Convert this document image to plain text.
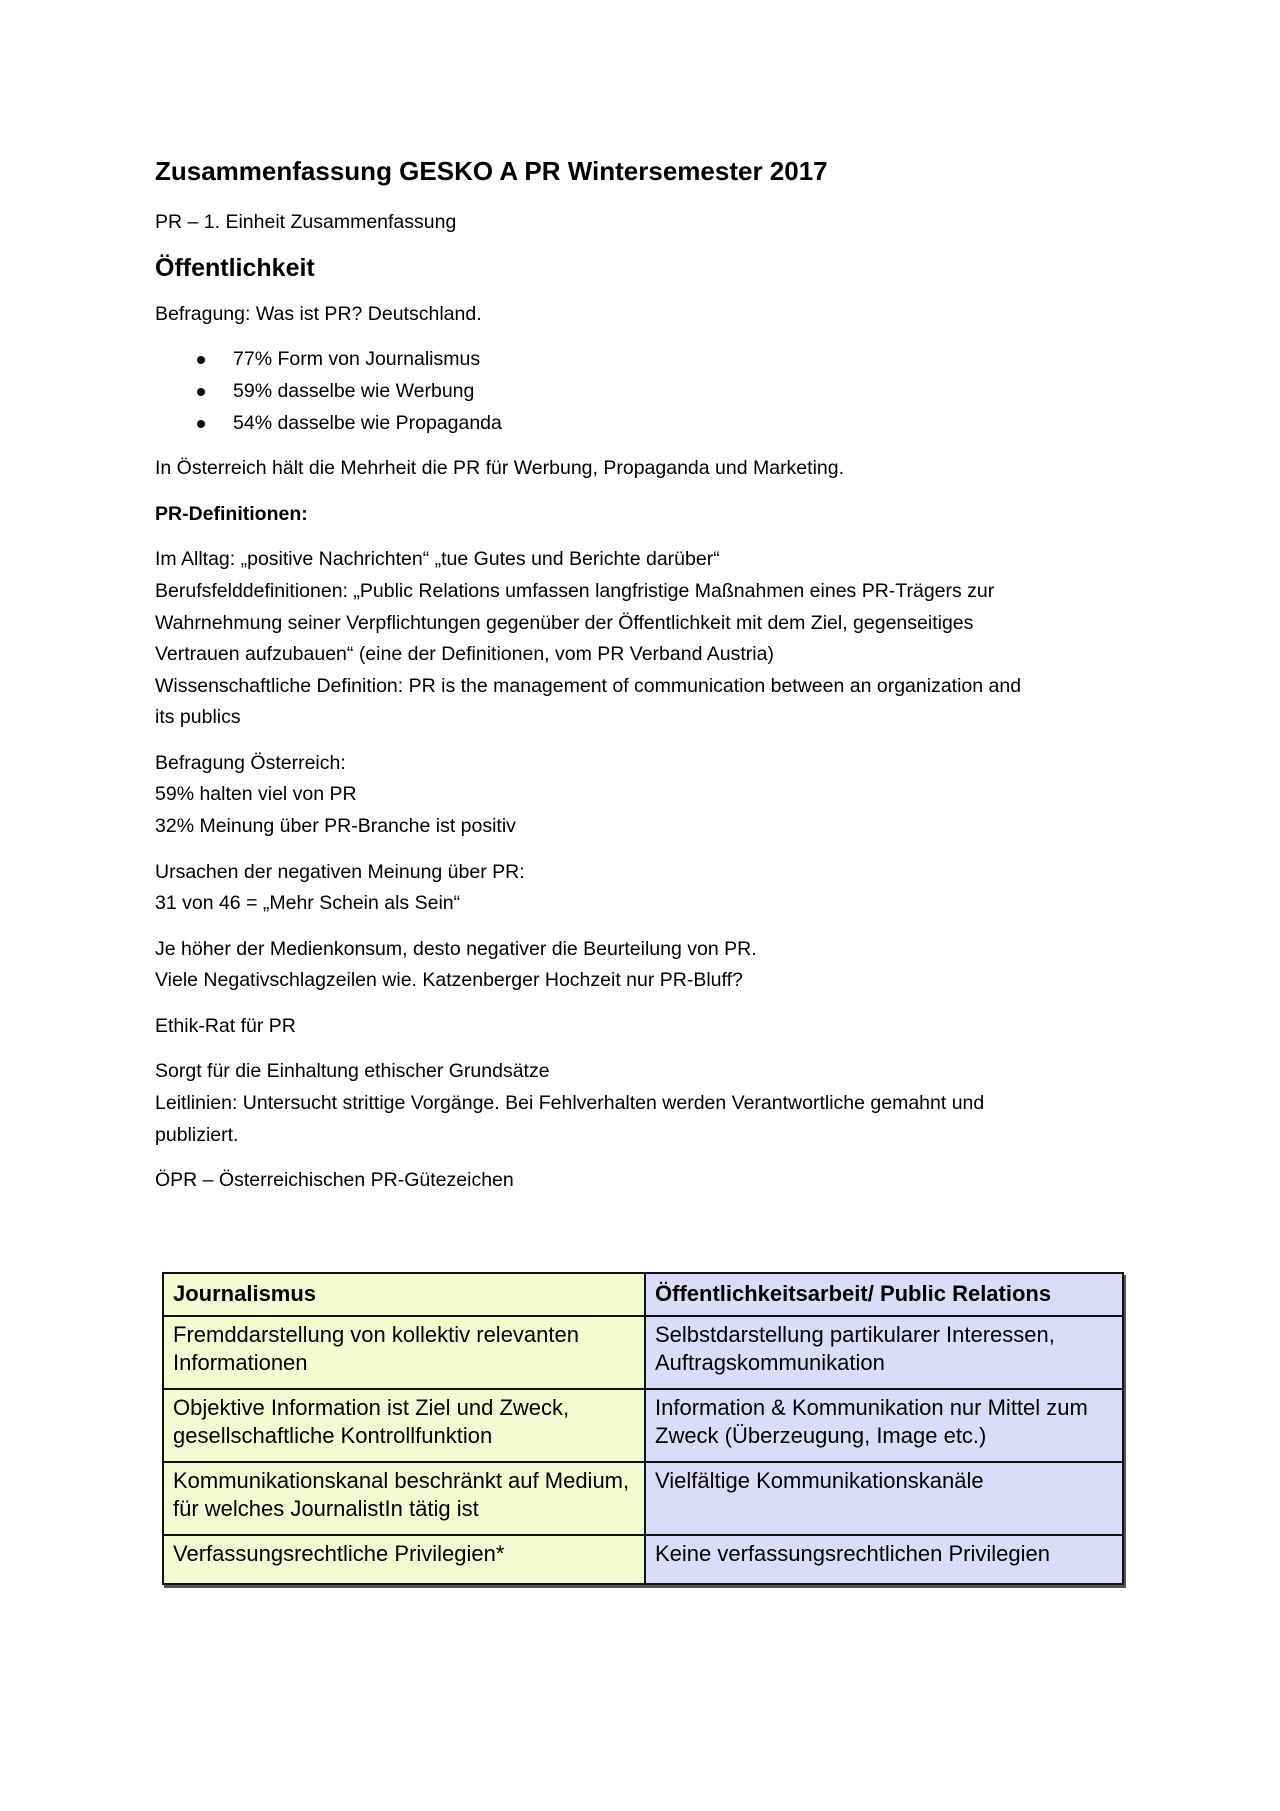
Zusammenfassung GESKO A PR Wintersemester 2017

PR – 1. Einheit Zusammenfassung

Öffentlichkeit

Befragung: Was ist PR? Deutschland.

77% Form von Journalismus
59% dasselbe wie Werbung
54% dasselbe wie Propaganda

In Österreich hält die Mehrheit die PR für Werbung, Propaganda und Marketing.

PR-Definitionen:

Im Alltag: „positive Nachrichten“ „tue Gutes und Berichte darüber“
Berufsfelddefinitionen: „Public Relations umfassen langfristige Maßnahmen eines PR-Trägers zur
Wahrnehmung seiner Verpflichtungen gegenüber der Öffentlichkeit mit dem Ziel, gegenseitiges
Vertrauen aufzubauen“ (eine der Definitionen, vom PR Verband Austria)
Wissenschaftliche Definition: PR is the management of communication between an organization and
its publics
Befragung Österreich:
59% halten viel von PR
32% Meinung über PR-Branche ist positiv
Ursachen der negativen Meinung über PR:
31 von 46 = „Mehr Schein als Sein“
Je höher der Medienkonsum, desto negativer die Beurteilung von PR.
Viele Negativschlagzeilen wie. Katzenberger Hochzeit nur PR-Bluff?

Ethik-Rat für PR

Sorgt für die Einhaltung ethischer Grundsätze
Leitlinien: Untersucht strittige Vorgänge. Bei Fehlverhalten werden Verantwortliche gemahnt und
publiziert.

ÖPR – Österreichischen PR-Gütezeichen

Journalismus	Öffentlichkeitsarbeit/ Public Relations
Fremddarstellung von kollektiv relevanten Informationen	Selbstdarstellung partikularer Interessen, Auftragskommunikation
Objektive Information ist Ziel und Zweck, gesellschaftliche Kontrollfunktion	Information & Kommunikation nur Mittel zum Zweck (Überzeugung, Image etc.)
Kommunikationskanal beschränkt auf Medium, für welches JournalistIn tätig ist	Vielfältige Kommunikationskanäle
Verfassungsrechtliche Privilegien*	Keine verfassungsrechtlichen Privilegien
